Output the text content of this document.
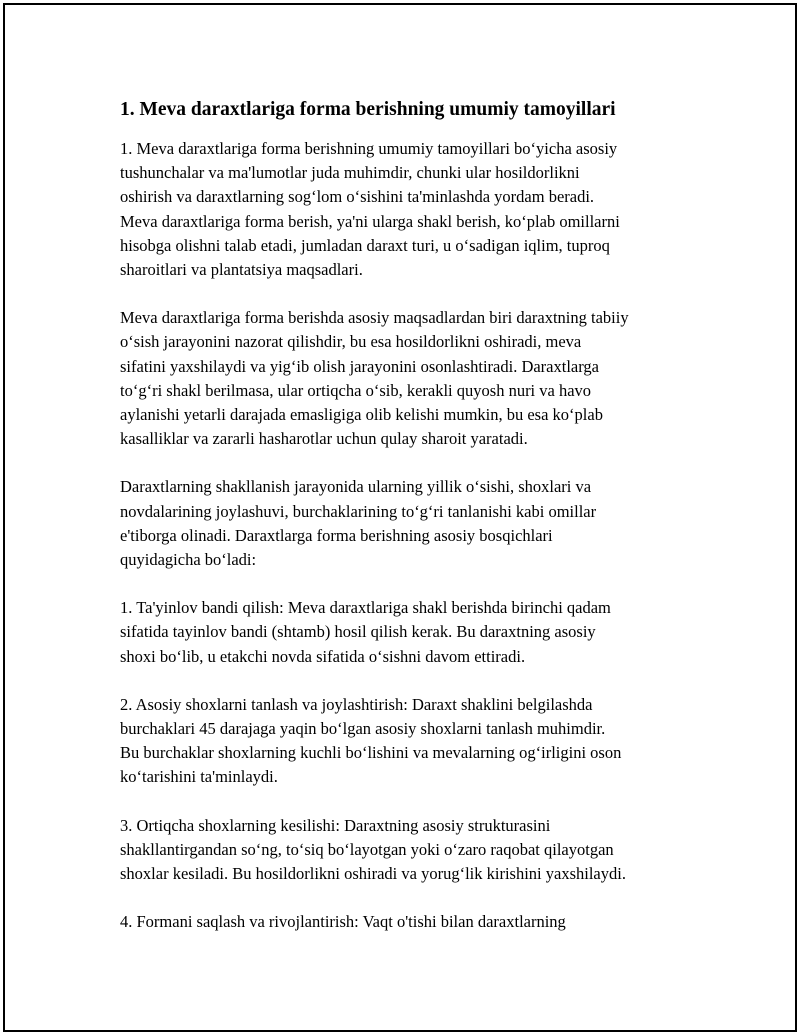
1. Meva daraxtlariga forma berishning umumiy tamoyillari

1. Meva daraxtlariga forma berishning umumiy tamoyillari bo‘yicha asosiy
tushunchalar va ma'lumotlar juda muhimdir, chunki ular hosildorlikni
oshirish va daraxtlarning sog‘lom o‘sishini ta'minlashda yordam beradi.
Meva daraxtlariga forma berish, ya'ni ularga shakl berish, ko‘plab omillarni
hisobga olishni talab etadi, jumladan daraxt turi, u o‘sadigan iqlim, tuproq
sharoitlari va plantatsiya maqsadlari.

Meva daraxtlariga forma berishda asosiy maqsadlardan biri daraxtning tabiiy
o‘sish jarayonini nazorat qilishdir, bu esa hosildorlikni oshiradi, meva
sifatini yaxshilaydi va yig‘ib olish jarayonini osonlashtiradi. Daraxtlarga
to‘g‘ri shakl berilmasa, ular ortiqcha o‘sib, kerakli quyosh nuri va havo
aylanishi yetarli darajada emasligiga olib kelishi mumkin, bu esa ko‘plab
kasalliklar va zararli hasharotlar uchun qulay sharoit yaratadi.

Daraxtlarning shakllanish jarayonida ularning yillik o‘sishi, shoxlari va
novdalarining joylashuvi, burchaklarining to‘g‘ri tanlanishi kabi omillar
e'tiborga olinadi. Daraxtlarga forma berishning asosiy bosqichlari
quyidagicha bo‘ladi:

1. Ta'yinlov bandi qilish: Meva daraxtlariga shakl berishda birinchi qadam
sifatida tayinlov bandi (shtamb) hosil qilish kerak. Bu daraxtning asosiy
shoxi bo‘lib, u etakchi novda sifatida o‘sishni davom ettiradi.

2. Asosiy shoxlarni tanlash va joylashtirish: Daraxt shaklini belgilashda
burchaklari 45 darajaga yaqin bo‘lgan asosiy shoxlarni tanlash muhimdir.
Bu burchaklar shoxlarning kuchli bo‘lishini va mevalarning og‘irligini oson
ko‘tarishini ta'minlaydi.

3. Ortiqcha shoxlarning kesilishi: Daraxtning asosiy strukturasini
shakllantirgandan so‘ng, to‘siq bo‘layotgan yoki o‘zaro raqobat qilayotgan
shoxlar kesiladi. Bu hosildorlikni oshiradi va yorug‘lik kirishini yaxshilaydi.

4. Formani saqlash va rivojlantirish: Vaqt o'tishi bilan daraxtlarning
